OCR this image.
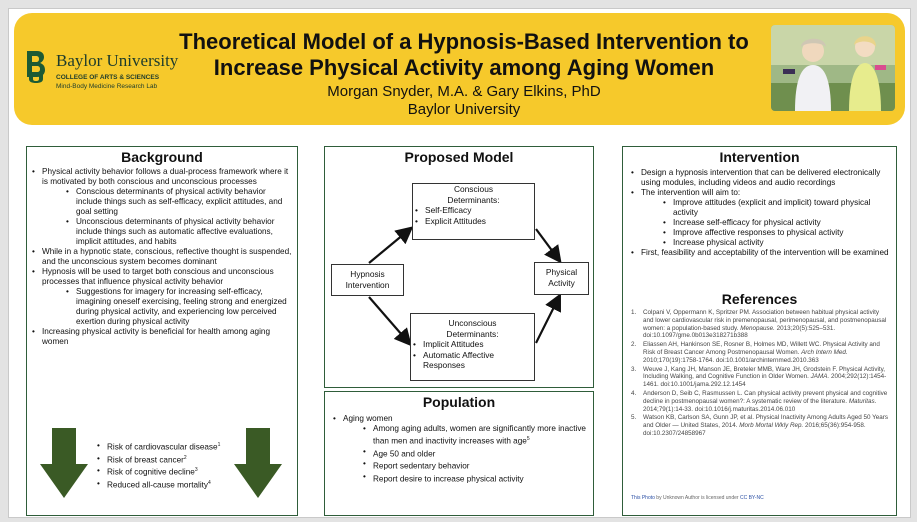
Baylor University
COLLEGE OF ARTS & SCIENCES
Mind-Body Medicine Research Lab
Theoretical Model of a Hypnosis-Based Intervention to
Increase Physical Activity among Aging Women
Morgan Snyder, M.A. & Gary Elkins, PhD
Baylor University
Background
• Physical activity behavior follows a dual-process framework where it is motivated by both conscious and unconscious processes
• Conscious determinants of physical activity behavior include things such as self-efficacy, explicit attitudes, and goal setting
• Unconscious determinants of physical activity behavior include things such as automatic affective evaluations, implicit attitudes, and habits
• While in a hypnotic state, conscious, reflective thought is suspended, and the unconscious system becomes dominant
• Hypnosis will be used to target both conscious and unconscious processes that influence physical activity behavior
• Suggestions for imagery for increasing self-efficacy, imagining oneself exercising, feeling strong and energized during physical activity, and experiencing low perceived exertion during physical activity
• Increasing physical activity is beneficial for health among aging women
• Risk of cardiovascular disease$^1$
• Risk of breast cancer$^2$
• Risk of cognitive decline$^3$
• Reduced all-cause mortality$^4$
Proposed Model
Conscious
Determinants:
• Self-Efficacy
• Explicit Attitudes
Unconscious
Determinants:
• Implicit Attitudes
• Automatic Affective Responses
Hypnosis
Intervention
Physical
Activity
Population
• Aging women
• Among aging adults, women are significantly more inactive than men and inactivity increases with age$^5$
• Age 50 and older
• Report sedentary behavior
• Report desire to increase physical activity
Intervention
• Design a hypnosis intervention that can be delivered electronically using modules, including videos and audio recordings
• The intervention will aim to:
• Improve attitudes (explicit and implicit) toward physical activity
• Increase self-efficacy for physical activity
• Improve affective responses to physical activity
• Increase physical activity
• First, feasibility and acceptability of the intervention will be examined
References
1. Colpani V, Oppermann K, Spritzer PM. Association between habitual physical activity and lower cardiovascular risk in premenopausal, perimenopausal, and postmenopausal women: a population-based study. Menopause. 2013;20(5):525–531. doi:10.1097/gme.0b013e318271b388
2. Eliassen AH, Hankinson SE, Rosner B, Holmes MD, Willett WC. Physical Activity and Risk of Breast Cancer Among Postmenopausal Women. Arch Intern Med. 2010;170(19):1758-1764. doi:10.1001/archinternmed.2010.363
3. Weuve J, Kang JH, Manson JE, Breteler MMB, Ware JH, Grodstein F. Physical Activity, Including Walking, and Cognitive Function in Older Women. JAMA. 2004;292(12):1454-1461. doi:10.1001/jama.292.12.1454
4. Anderson D, Seib C, Rasmussen L. Can physical activity prevent physical and cognitive decline in postmenopausal women?: A systematic review of the literature. Maturitas. 2014;79(1):14-33. doi:10.1016/j.maturitas.2014.06.010
5. Watson KB, Carlson SA, Gunn JP, et al. Physical Inactivity Among Adults Aged 50 Years and Older — United States, 2014. Morb Mortal Wkly Rep. 2016;65(36):954-958. doi:10.2307/24858967
This Photo by Unknown Author is licensed under CC BY-NC
